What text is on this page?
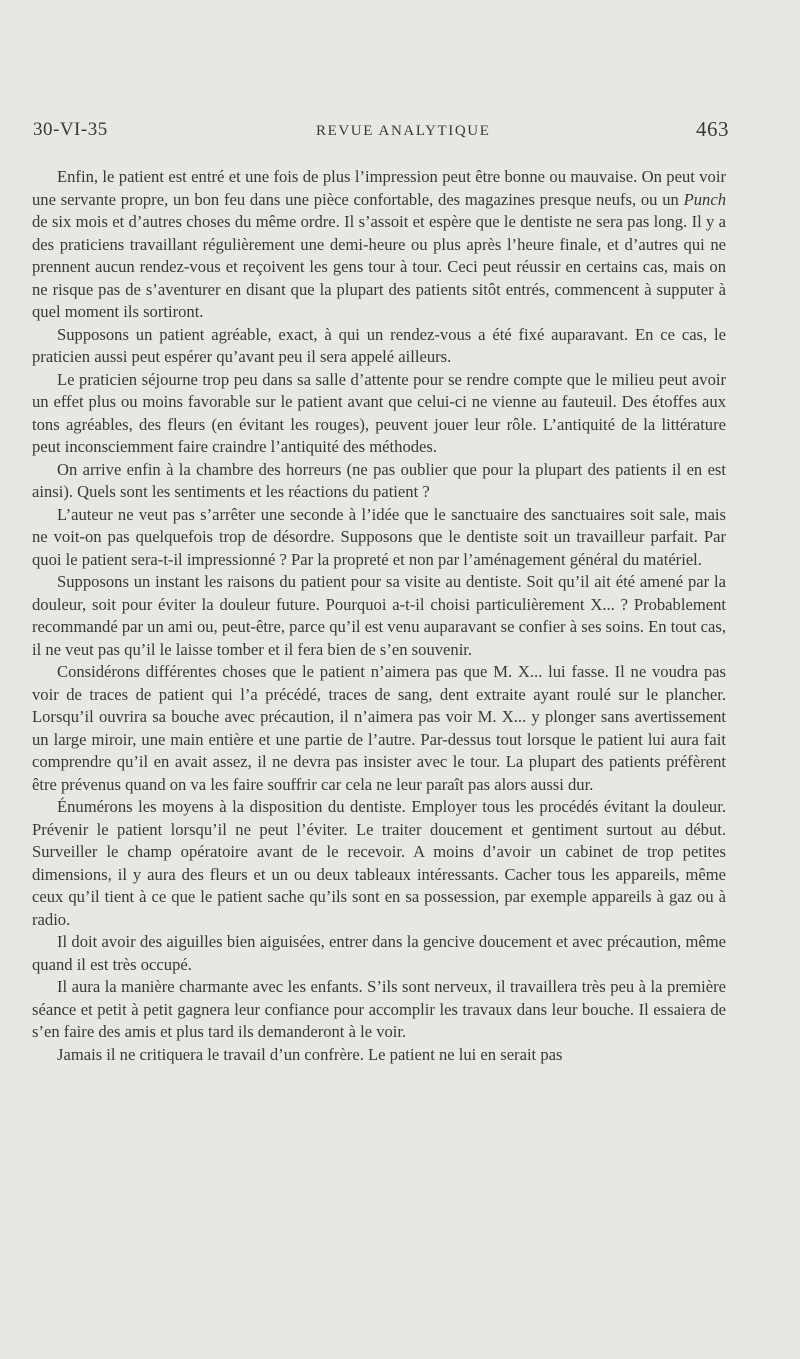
30-VI-35	REVUE ANALYTIQUE	463

Enfin, le patient est entré et une fois de plus l’impression peut être bonne ou mauvaise. On peut voir une servante propre, un bon feu dans une pièce confortable, des magazines presque neufs, ou un Punch de six mois et d’autres choses du même ordre. Il s’assoit et espère que le dentiste ne sera pas long. Il y a des praticiens travaillant régulièrement une demi-heure ou plus après l’heure finale, et d’autres qui ne prennent aucun rendez-vous et reçoivent les gens tour à tour. Ceci peut réussir en certains cas, mais on ne risque pas de s’aventurer en disant que la plupart des patients sitôt entrés, commencent à supputer à quel moment ils sortiront.

Supposons un patient agréable, exact, à qui un rendez-vous a été fixé auparavant. En ce cas, le praticien aussi peut espérer qu’avant peu il sera appelé ailleurs.

Le praticien séjourne trop peu dans sa salle d’attente pour se rendre compte que le milieu peut avoir un effet plus ou moins favorable sur le patient avant que celui-ci ne vienne au fauteuil. Des étoffes aux tons agréables, des fleurs (en évitant les rouges), peuvent jouer leur rôle. L’antiquité de la littérature peut inconsciemment faire craindre l’antiquité des méthodes.

On arrive enfin à la chambre des horreurs (ne pas oublier que pour la plupart des patients il en est ainsi). Quels sont les sentiments et les réactions du patient ?

L’auteur ne veut pas s’arrêter une seconde à l’idée que le sanctuaire des sanctuaires soit sale, mais ne voit-on pas quelquefois trop de désordre. Supposons que le dentiste soit un travailleur parfait. Par quoi le patient sera-t-il impressionné ? Par la propreté et non par l’aménagement général du matériel.

Supposons un instant les raisons du patient pour sa visite au dentiste. Soit qu’il ait été amené par la douleur, soit pour éviter la douleur future. Pourquoi a-t-il choisi particulièrement X... ? Probablement recommandé par un ami ou, peut-être, parce qu’il est venu auparavant se confier à ses soins. En tout cas, il ne veut pas qu’il le laisse tomber et il fera bien de s’en souvenir.

Considérons différentes choses que le patient n’aimera pas que M. X... lui fasse. Il ne voudra pas voir de traces de patient qui l’a précédé, traces de sang, dent extraite ayant roulé sur le plancher. Lorsqu’il ouvrira sa bouche avec précaution, il n’aimera pas voir M. X... y plonger sans avertissement un large miroir, une main entière et une partie de l’autre. Par-dessus tout lorsque le patient lui aura fait comprendre qu’il en avait assez, il ne devra pas insister avec le tour. La plupart des patients préfèrent être prévenus quand on va les faire souffrir car cela ne leur paraît pas alors aussi dur.

Énumérons les moyens à la disposition du dentiste. Employer tous les procédés évitant la douleur. Prévenir le patient lorsqu’il ne peut l’éviter. Le traiter doucement et gentiment surtout au début. Surveiller le champ opératoire avant de le recevoir. A moins d’avoir un cabinet de trop petites dimensions, il y aura des fleurs et un ou deux tableaux intéressants. Cacher tous les appareils, même ceux qu’il tient à ce que le patient sache qu’ils sont en sa possession, par exemple appareils à gaz ou à radio.

Il doit avoir des aiguilles bien aiguisées, entrer dans la gencive doucement et avec précaution, même quand il est très occupé.

Il aura la manière charmante avec les enfants. S’ils sont nerveux, il travaillera très peu à la première séance et petit à petit gagnera leur confiance pour accomplir les travaux dans leur bouche. Il essaiera de s’en faire des amis et plus tard ils demanderont à le voir.

Jamais il ne critiquera le travail d’un confrère. Le patient ne lui en serait pas
